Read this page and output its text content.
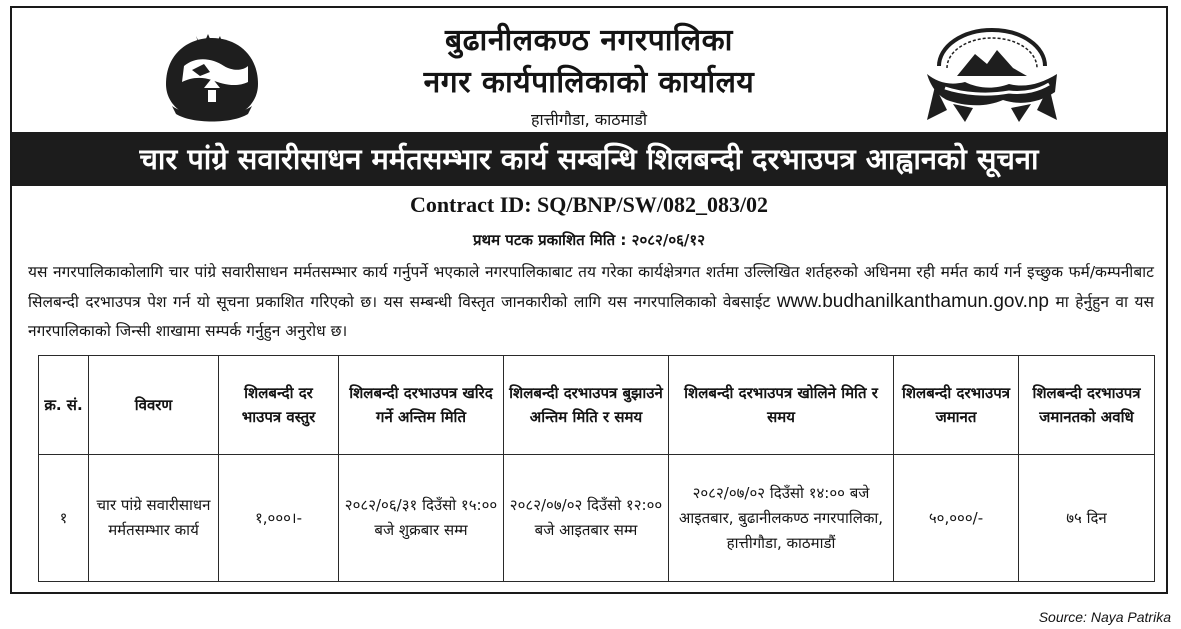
बुढानीलकण्ठ नगरपालिका
नगर कार्यपालिकाको कार्यालय
हात्तीगौडा, काठमाडौ
चार पांग्रे सवारीसाधन मर्मतसम्भार कार्य सम्बन्धि शिलबन्दी दरभाउपत्र आह्वानको सूचना
Contract ID: SQ/BNP/SW/082_083/02
प्रथम पटक प्रकाशित मिति : २०८२/०६/१२
यस नगरपालिकाकोलागि चार पांग्रे सवारीसाधन मर्मतसम्भार कार्य गर्नुपर्ने भएकाले नगरपालिकाबाट तय गरेका कार्यक्षेत्रगत शर्तमा उल्लिखित शर्तहरुको अधिनमा रही मर्मत कार्य गर्न इच्छुक फर्म/कम्पनीबाट सिलबन्दी दरभाउपत्र पेश गर्न यो सूचना प्रकाशित गरिएको छ। यस सम्बन्धी विस्तृत जानकारीको लागि यस नगरपालिकाको वेबसाईट www.budhanilkanthamun.gov.np मा हेर्नुहुन वा यस नगरपालिकाको जिन्सी शाखामा सम्पर्क गर्नुहुन अनुरोध छ।
क्र. सं.	विवरण	शिलबन्दी दर भाउपत्र वस्तुर	शिलबन्दी दरभाउपत्र खरिद गर्ने अन्तिम मिति	शिलबन्दी दरभाउपत्र बुझाउने अन्तिम मिति र समय	शिलबन्दी दरभाउपत्र खोलिने मिति र समय	शिलबन्दी दरभाउपत्र जमानत	शिलबन्दी दरभाउपत्र जमानतको अवधि
१	चार पांग्रे सवारीसाधन मर्मतसम्भार कार्य	१,०००।-	२०८२/०६/३१ दिउँसो १५:०० बजे शुक्रबार सम्म	२०८२/०७/०२ दिउँसो १२:०० बजे आइतबार सम्म	२०८२/०७/०२ दिउँसो १४:०० बजे आइतबार, बुढानीलकण्ठ नगरपालिका, हात्तीगौडा, काठमाडौं	५०,०००/-	७५ दिन
Source: Naya Patrika
